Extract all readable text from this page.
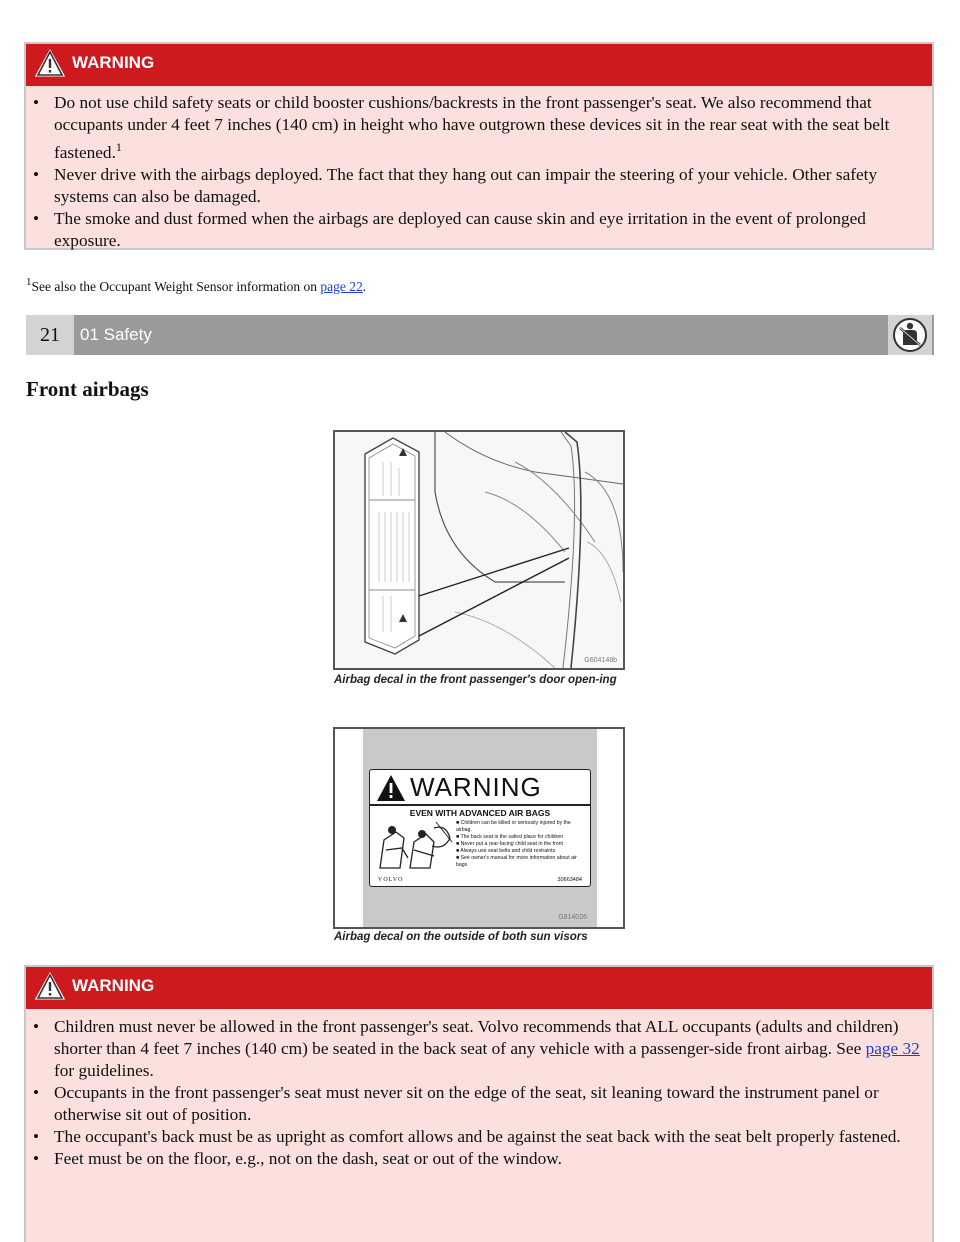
WARNING
• Do not use child safety seats or child booster cushions/backrests in the front passenger's seat. We also recommend that occupants under 4 feet 7 inches (140 cm) in height who have outgrown these devices sit in the rear seat with the seat belt fastened.$^1$
• Never drive with the airbags deployed. The fact that they hang out can impair the steering of your vehicle. Other safety systems can also be damaged.
• The smoke and dust formed when the airbags are deployed can cause skin and eye irritation in the event of prolonged exposure.
$^1$See also the Occupant Weight Sensor information on page 22.
21	01 Safety
Front airbags
G604148b
Airbag decal in the front passenger's door open-ing
WARNING
EVEN WITH ADVANCED AIR BAGS
■ Children can be killed or seriously injured by the airbag.
■ The back seat is the safest place for children
■ Never put a rear-facing child seat in the front
■ Always use seat belts and child restraints
■ See owner's manual for more information about air bags
VOLVO	30663484
G814026
Airbag decal on the outside of both sun visors
WARNING
• Children must never be allowed in the front passenger's seat. Volvo recommends that ALL occupants (adults and children) shorter than 4 feet 7 inches (140 cm) be seated in the back seat of any vehicle with a passenger-side front airbag. See page 32 for guidelines.
• Occupants in the front passenger's seat must never sit on the edge of the seat, sit leaning toward the instrument panel or otherwise sit out of position.
• The occupant's back must be as upright as comfort allows and be against the seat back with the seat belt properly fastened.
• Feet must be on the floor, e.g., not on the dash, seat or out of the window.
